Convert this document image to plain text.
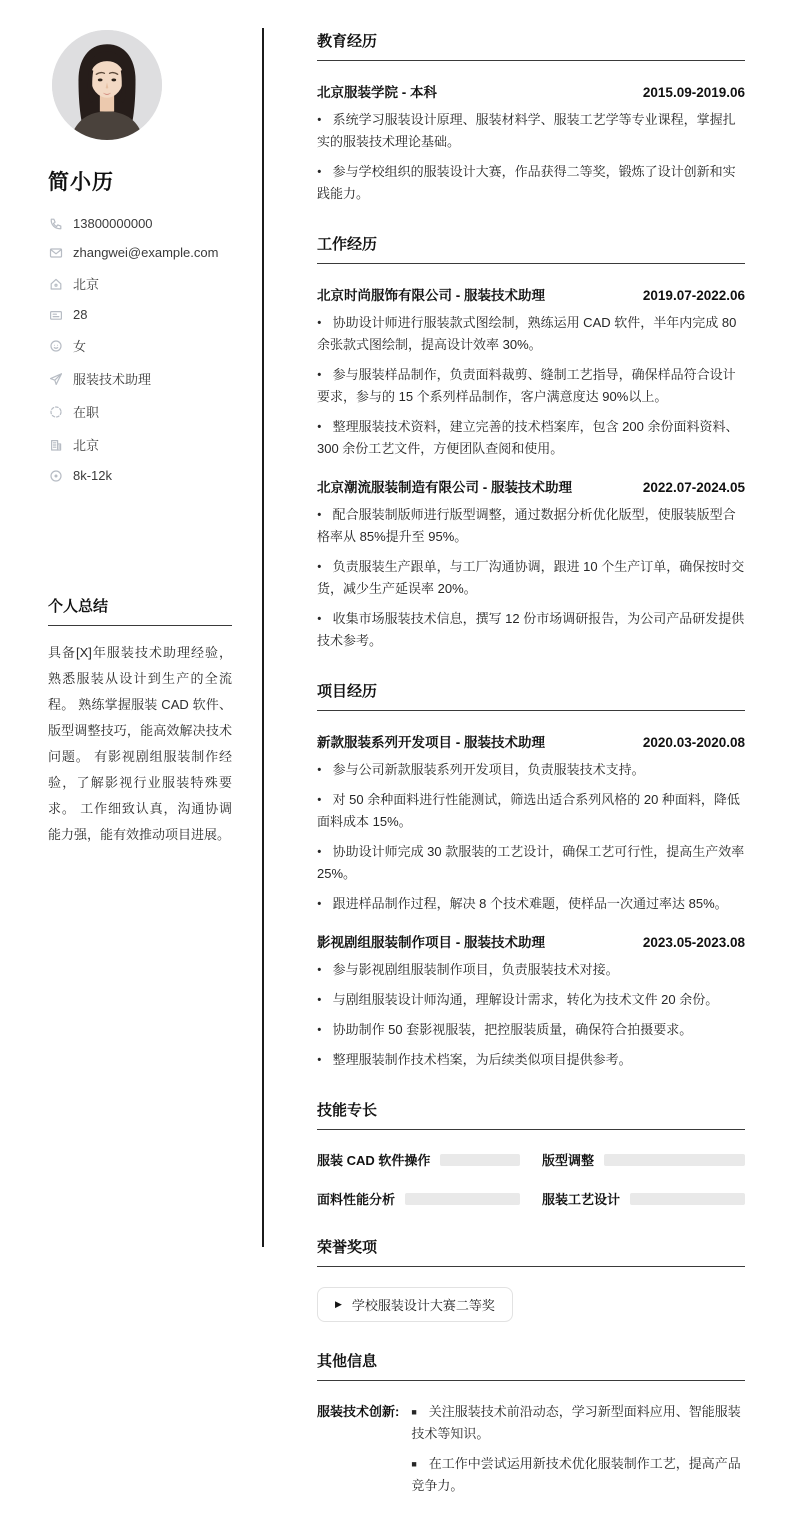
简小历
13800000000
zhangwei@example.com
北京
28
女
服装技术助理
在职
北京
8k-12k
个人总结
具备[X]年服装技术助理经验，熟悉服装从设计到生产的全流程。 熟练掌握服装 CAD 软件、版型调整技巧，能高效解决技术问题。 有影视剧组服装制作经验，了解影视行业服装特殊要求。 工作细致认真，沟通协调能力强，能有效推动项目进展。
教育经历
北京服装学院 - 本科	2015.09-2019.06
• 系统学习服装设计原理、服装材料学、服装工艺学等专业课程，掌握扎实的服装技术理论基础。
• 参与学校组织的服装设计大赛，作品获得二等奖，锻炼了设计创新和实践能力。
工作经历
北京时尚服饰有限公司 - 服装技术助理	2019.07-2022.06
• 协助设计师进行服装款式图绘制，熟练运用 CAD 软件，半年内完成 80 余张款式图绘制，提高设计效率 30%。
• 参与服装样品制作，负责面料裁剪、缝制工艺指导，确保样品符合设计要求，参与的 15 个系列样品制作，客户满意度达 90%以上。
• 整理服装技术资料，建立完善的技术档案库，包含 200 余份面料资料、300 余份工艺文件，方便团队查阅和使用。
北京潮流服装制造有限公司 - 服装技术助理	2022.07-2024.05
• 配合服装制版师进行版型调整，通过数据分析优化版型，使服装版型合格率从 85%提升至 95%。
• 负责服装生产跟单，与工厂沟通协调，跟进 10 个生产订单，确保按时交货，减少生产延误率 20%。
• 收集市场服装技术信息，撰写 12 份市场调研报告，为公司产品研发提供技术参考。
项目经历
新款服装系列开发项目 - 服装技术助理	2020.03-2020.08
• 参与公司新款服装系列开发项目，负责服装技术支持。
• 对 50 余种面料进行性能测试，筛选出适合系列风格的 20 种面料，降低面料成本 15%。
• 协助设计师完成 30 款服装的工艺设计，确保工艺可行性，提高生产效率 25%。
• 跟进样品制作过程，解决 8 个技术难题，使样品一次通过率达 85%。
影视剧组服装制作项目 - 服装技术助理	2023.05-2023.08
• 参与影视剧组服装制作项目，负责服装技术对接。
• 与剧组服装设计师沟通，理解设计需求，转化为技术文件 20 余份。
• 协助制作 50 套影视服装，把控服装质量，确保符合拍摄要求。
• 整理服装制作技术档案，为后续类似项目提供参考。
技能专长
服装 CAD 软件操作	版型调整
面料性能分析	服装工艺设计
荣誉奖项
▶ 学校服装设计大赛二等奖
其他信息
服装技术创新: ■ 关注服装技术前沿动态，学习新型面料应用、智能服装技术等知识。
■ 在工作中尝试运用新技术优化服装制作工艺，提高产品竞争力。
